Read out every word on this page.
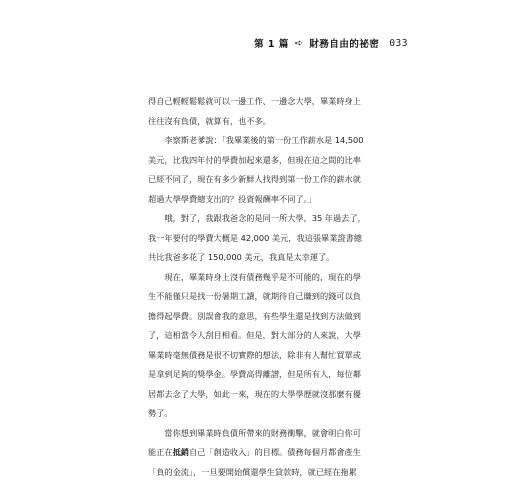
第 1 篇 ➪ 財務自由的祕密 033
得自己輕輕鬆鬆就可以一邊工作、一邊念大學，畢業時身上
往往沒有負債，就算有，也不多。
李察斯老爹說：「我畢業後的第一份工作薪水是 14,500
美元，比我四年付的學費加起來還多，但現在這之間的比率
已經不同了，現在有多少新鮮人找得到第一份工作的薪水就
超過大學學費總支出的？投資報酬率不同了。」
哦，對了，我跟我爸念的是同一所大學，35 年過去了，
我一年要付的學費大概是 42,000 美元，我這張畢業證書總
共比我爸多花了 150,000 美元，我真是太幸運了。
現在，畢業時身上沒有債務幾乎是不可能的，現在的學
生不能僅只是找一份暑期工讀，就期待自己賺到的錢可以負
擔得起學費。別誤會我的意思，有些學生還是找到方法做到
了，這相當令人刮目相看。但是，對大部分的人來說，大學
畢業時毫無債務是很不切實際的想法，除非有人幫忙買單或
是拿到足夠的獎學金。學費高得離譜，但是所有人，每位鄰
居都去念了大學，如此一來，現在的大學學歷就沒那麼有優
勢了。
當你想到畢業時負債所帶來的財務衝擊，就會明白你可
能正在抵銷自己「創造收入」的目標。債務每個月都會產生
「負的金流」，一旦要開始償還學生貸款時，就已經在拖累
